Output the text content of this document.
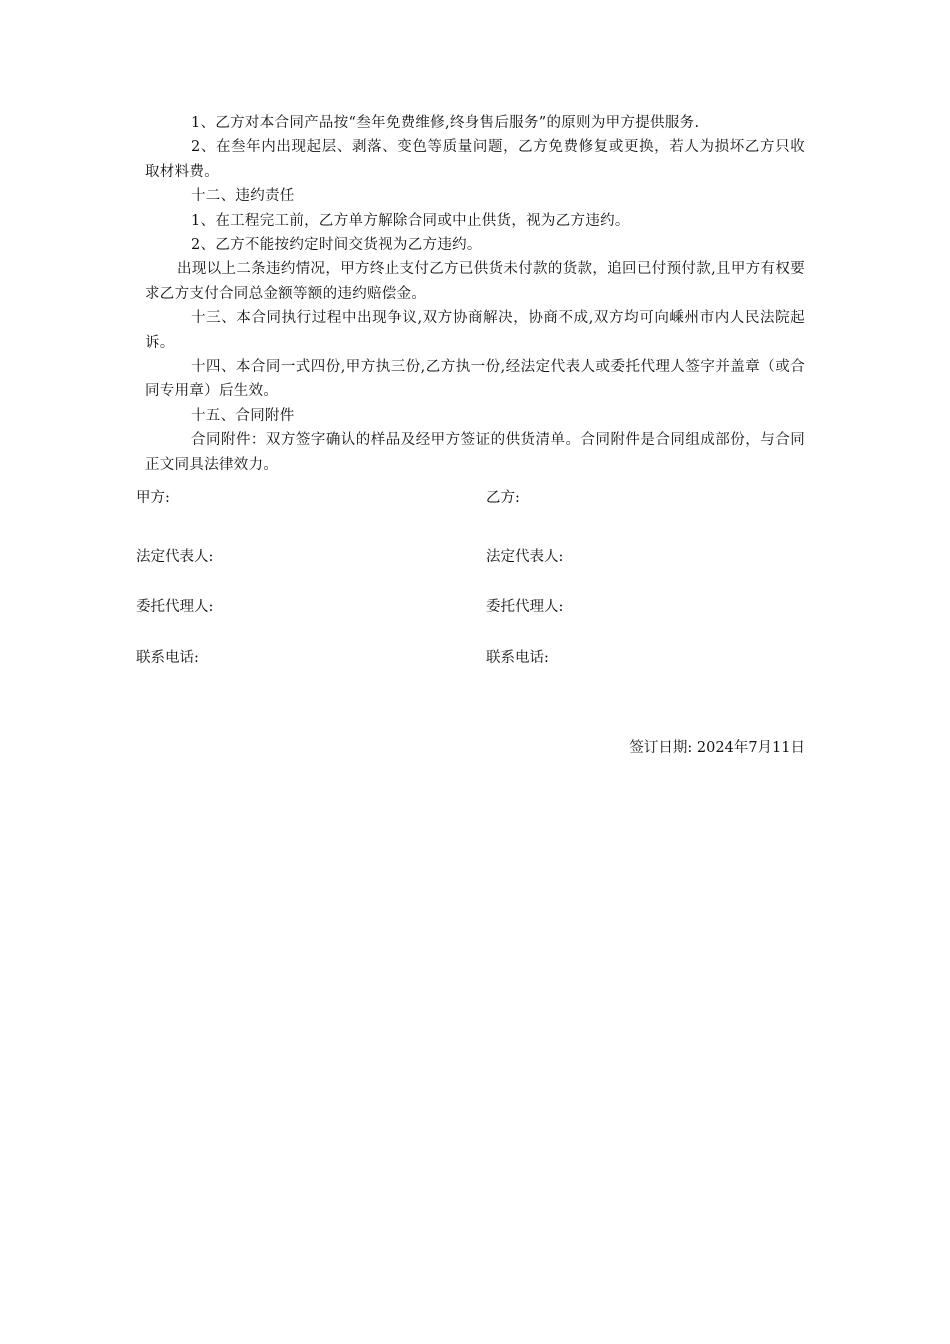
1、乙方对本合同产品按“叁年免费维修,终身售后服务”的原则为甲方提供服务.

2、在叁年内出现起层、剥落、变色等质量问题，乙方免费修复或更换，若人为损坏乙方只收取材料费。

十二、违约责任

1、在工程完工前，乙方单方解除合同或中止供货，视为乙方违约。

2、乙方不能按约定时间交货视为乙方违约。

出现以上二条违约情况，甲方终止支付乙方已供货未付款的货款，追回已付预付款,且甲方有权要求乙方支付合同总金额等额的违约赔偿金。

十三、本合同执行过程中出现争议,双方协商解决，协商不成,双方均可向嵊州市内人民法院起诉。

十四、本合同一式四份,甲方执三份,乙方执一份,经法定代表人或委托代理人签字并盖章（或合同专用章）后生效。

十五、合同附件

合同附件：双方签字确认的样品及经甲方签证的供货清单。合同附件是合同组成部份，与合同正文同具法律效力。

甲方:	乙方:
法定代表人:	法定代表人:
委托代理人:	委托代理人:
联系电话:	联系电话:
签订日期: 2024年7月11日
